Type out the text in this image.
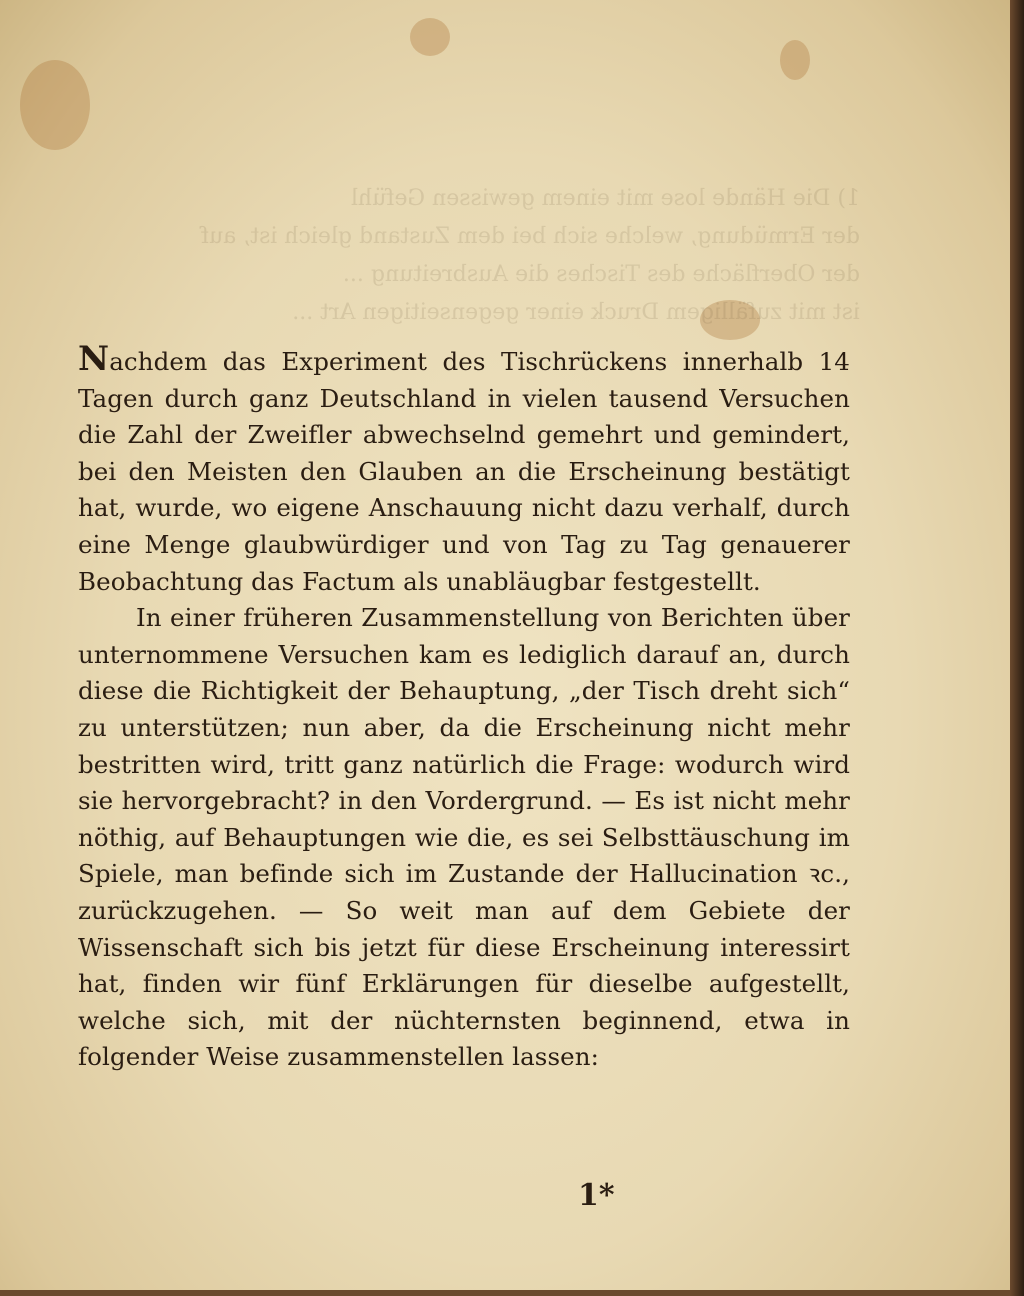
1) Die Hände lose mit einem gewissen Gefühl
der Ermüdung, welche sich bei dem Zustand gleich ist, auf
der Oberfläche des Tisches die Ausbreitung ...
ist mit zufälligem Druck einer gegenseitigen Art ...

Nachdem das Experiment des Tischrückens innerhalb 14 Tagen durch ganz Deutschland in vielen tausend Versuchen die Zahl der Zweifler abwechselnd gemehrt und gemindert, bei den Meisten den Glauben an die Erscheinung bestätigt hat, wurde, wo eigene Anschauung nicht dazu verhalf, durch eine Menge glaubwürdiger und von Tag zu Tag genauerer Beobachtung das Factum als unabläugbar festgestellt.

In einer früheren Zusammenstellung von Berichten über unternommene Versuchen kam es lediglich darauf an, durch diese die Richtigkeit der Behauptung, „der Tisch dreht sich“ zu unterstützen; nun aber, da die Erscheinung nicht mehr bestritten wird, tritt ganz natürlich die Frage: wodurch wird sie hervorgebracht? in den Vordergrund. — Es ist nicht mehr nöthig, auf Behauptungen wie die, es sei Selbsttäuschung im Spiele, man befinde sich im Zustande der Hallucination ꝛc., zurückzugehen. — So weit man auf dem Gebiete der Wissenschaft sich bis jetzt für diese Erscheinung interessirt hat, finden wir fünf Erklärungen für dieselbe aufgestellt, welche sich, mit der nüchternsten beginnend, etwa in folgender Weise zusammenstellen lassen:

1*
